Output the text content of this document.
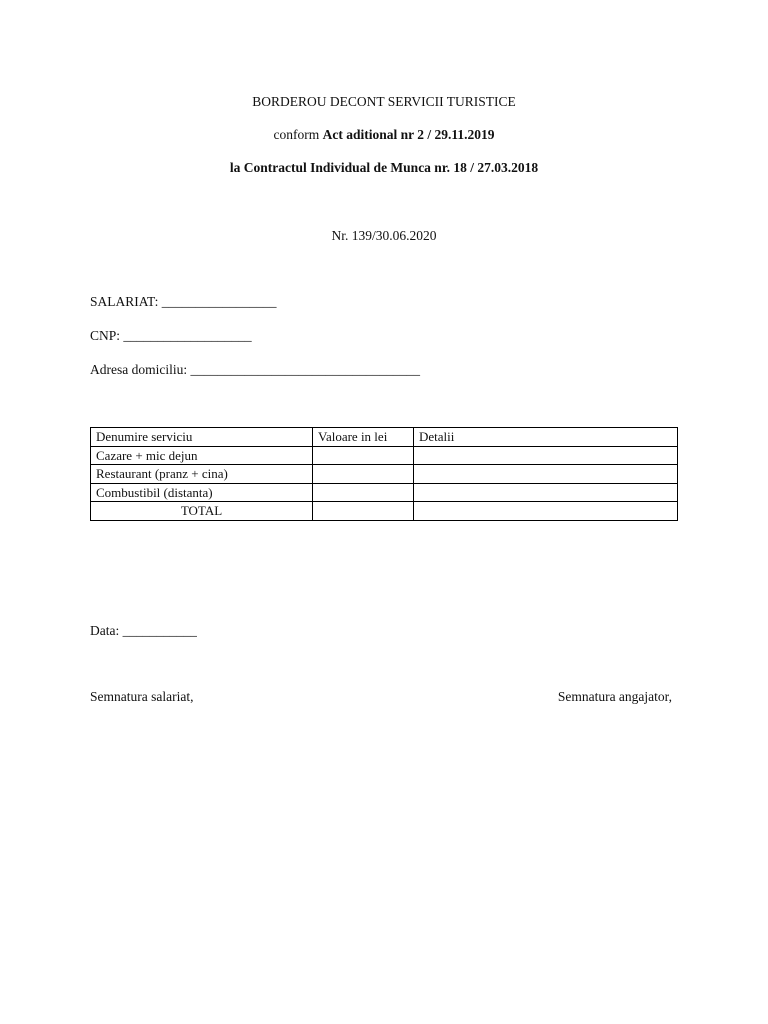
BORDEROU DECONT SERVICII TURISTICE
conform Act aditional nr 2 / 29.11.2019
la Contractul Individual de Munca nr. 18 / 27.03.2018
Nr. 139/30.06.2020
SALARIAT: _________________
CNP: ___________________
Adresa domiciliu: __________________________________
Denumire serviciu	Valoare in lei	Detalii
Cazare + mic dejun		
Restaurant (pranz + cina)		
Combustibil (distanta)		
TOTAL		
Data: ___________
Semnatura salariat,	Semnatura angajator,
